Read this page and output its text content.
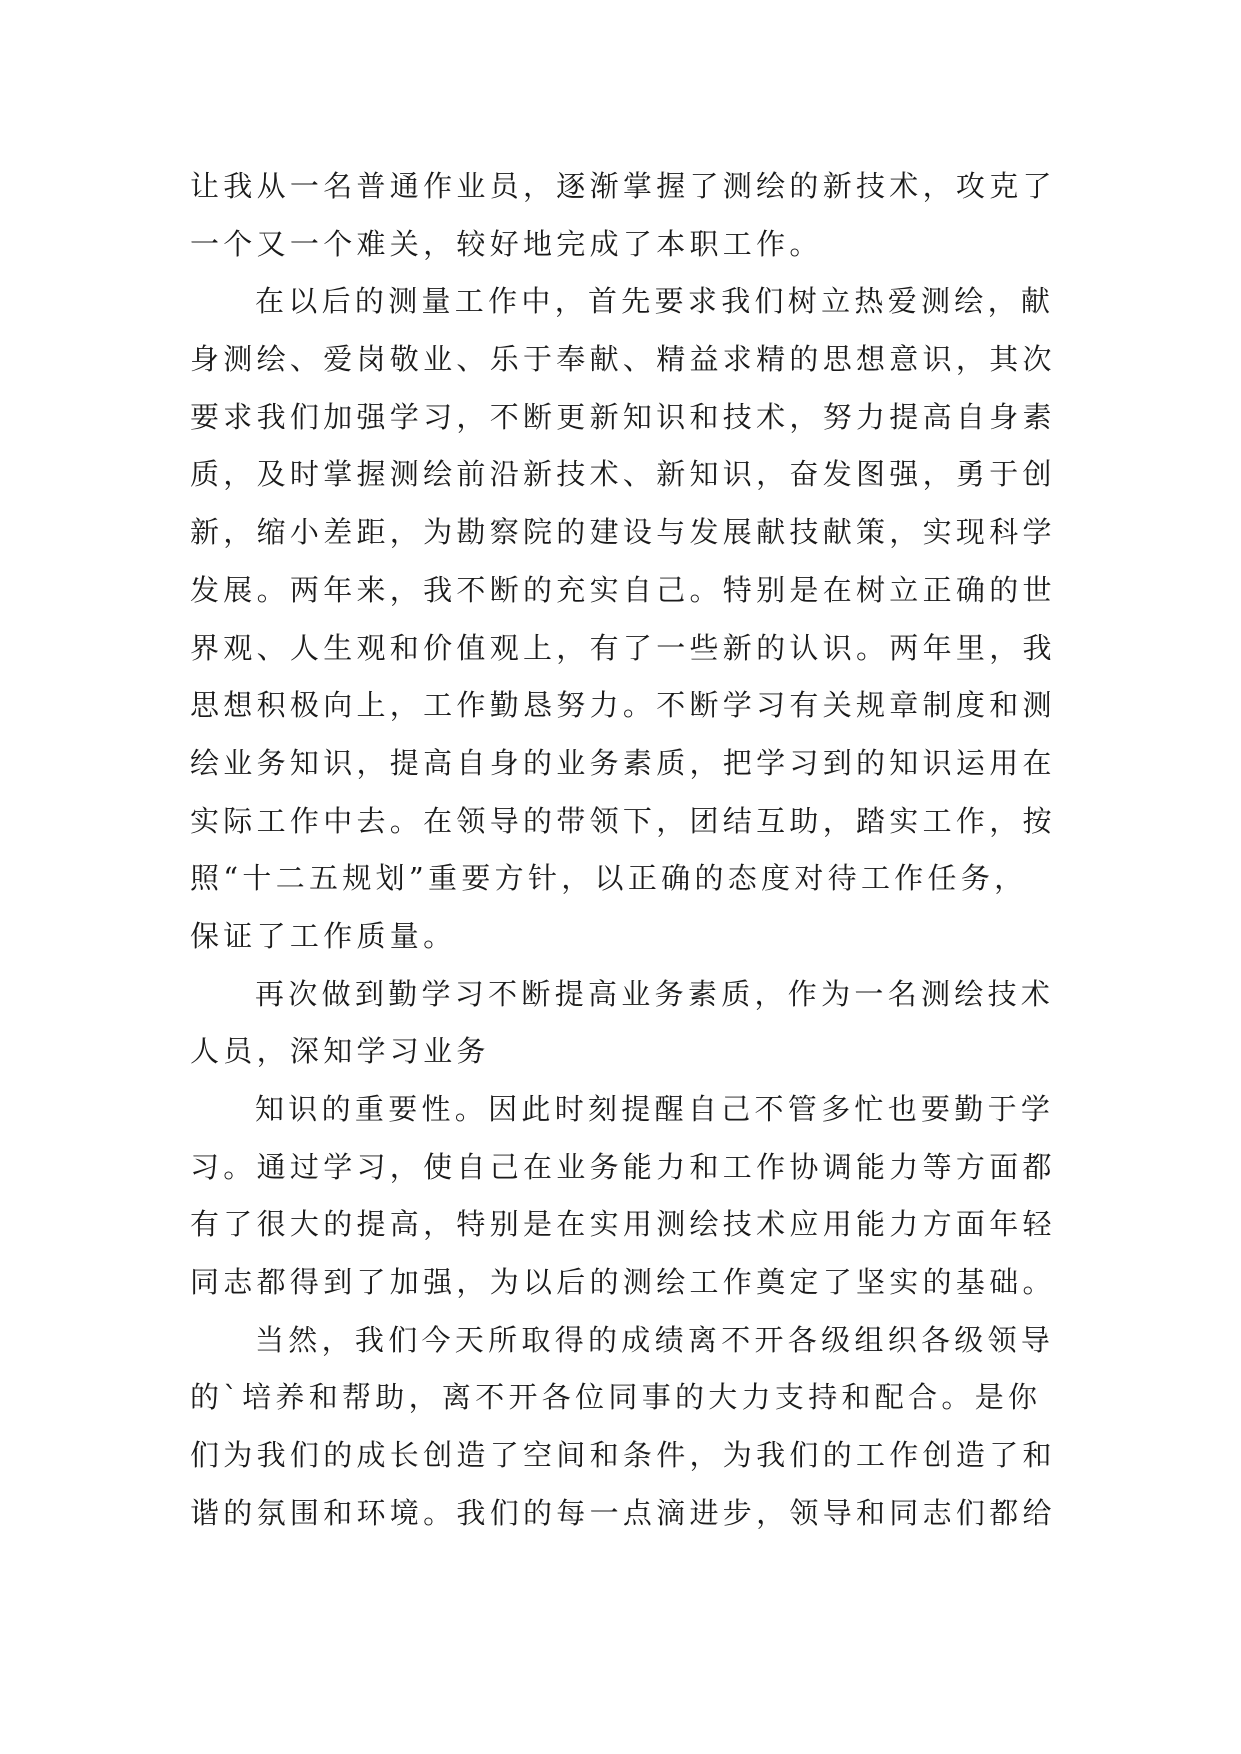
让我从一名普通作业员，逐渐掌握了测绘的新技术，攻克了

一个又一个难关，较好地完成了本职工作。

在以后的测量工作中，首先要求我们树立热爱测绘，献

身测绘、爱岗敬业、乐于奉献、精益求精的思想意识，其次

要求我们加强学习，不断更新知识和技术，努力提高自身素

质，及时掌握测绘前沿新技术、新知识，奋发图强，勇于创

新，缩小差距，为勘察院的建设与发展献技献策，实现科学

发展。两年来，我不断的充实自己。特别是在树立正确的世

界观、人生观和价值观上，有了一些新的认识。两年里，我

思想积极向上，工作勤恳努力。不断学习有关规章制度和测

绘业务知识，提高自身的业务素质，把学习到的知识运用在

实际工作中去。在领导的带领下，团结互助，踏实工作，按

照“十二五规划”重要方针，以正确的态度对待工作任务，

保证了工作质量。

再次做到勤学习不断提高业务素质，作为一名测绘技术

人员，深知学习业务

知识的重要性。因此时刻提醒自己不管多忙也要勤于学

习。通过学习，使自己在业务能力和工作协调能力等方面都

有了很大的提高，特别是在实用测绘技术应用能力方面年轻

同志都得到了加强，为以后的测绘工作奠定了坚实的基础。

当然，我们今天所取得的成绩离不开各级组织各级领导

的`培养和帮助，离不开各位同事的大力支持和配合。是你

们为我们的成长创造了空间和条件，为我们的工作创造了和

谐的氛围和环境。我们的每一点滴进步，领导和同志们都给
